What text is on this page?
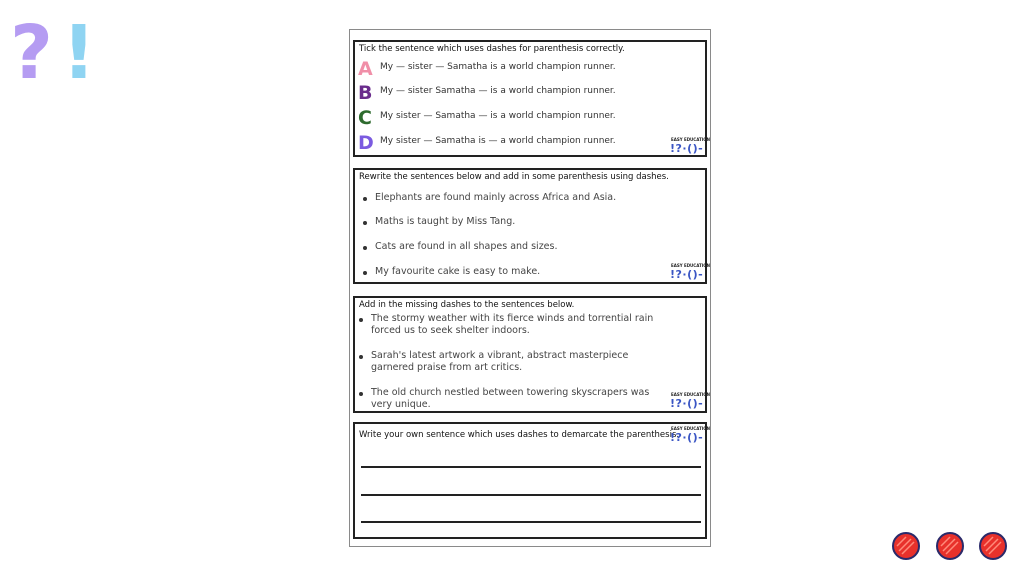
? !	Tick the sentence which uses dashes for parenthesis correctly.
A My — sister — Samatha is a world champion runner.
B My — sister Samatha — is a world champion runner.
C My sister — Samatha — is a world champion runner.
D My sister — Samatha is — a world champion runner.	EASY EDUCATION
!?·()-
Rewrite the sentences below and add in some parenthesis using dashes.
Elephants are found mainly across Africa and Asia.
Maths is taught by Miss Tang.
Cats are found in all shapes and sizes.
My favourite cake is easy to make.
EASY EDUCATION
!?·()-
Add in the missing dashes to the sentences below.
The stormy weather with its fierce winds and torrential rain
forced us to seek shelter indoors.
Sarah's latest artwork a vibrant, abstract masterpiece
garnered praise from art critics.
The old church nestled between towering skyscrapers was
very unique.
EASY EDUCATION
!?·()-
Write your own sentence which uses dashes to demarcate the parenthesis.
EASY EDUCATION
!?·()-
